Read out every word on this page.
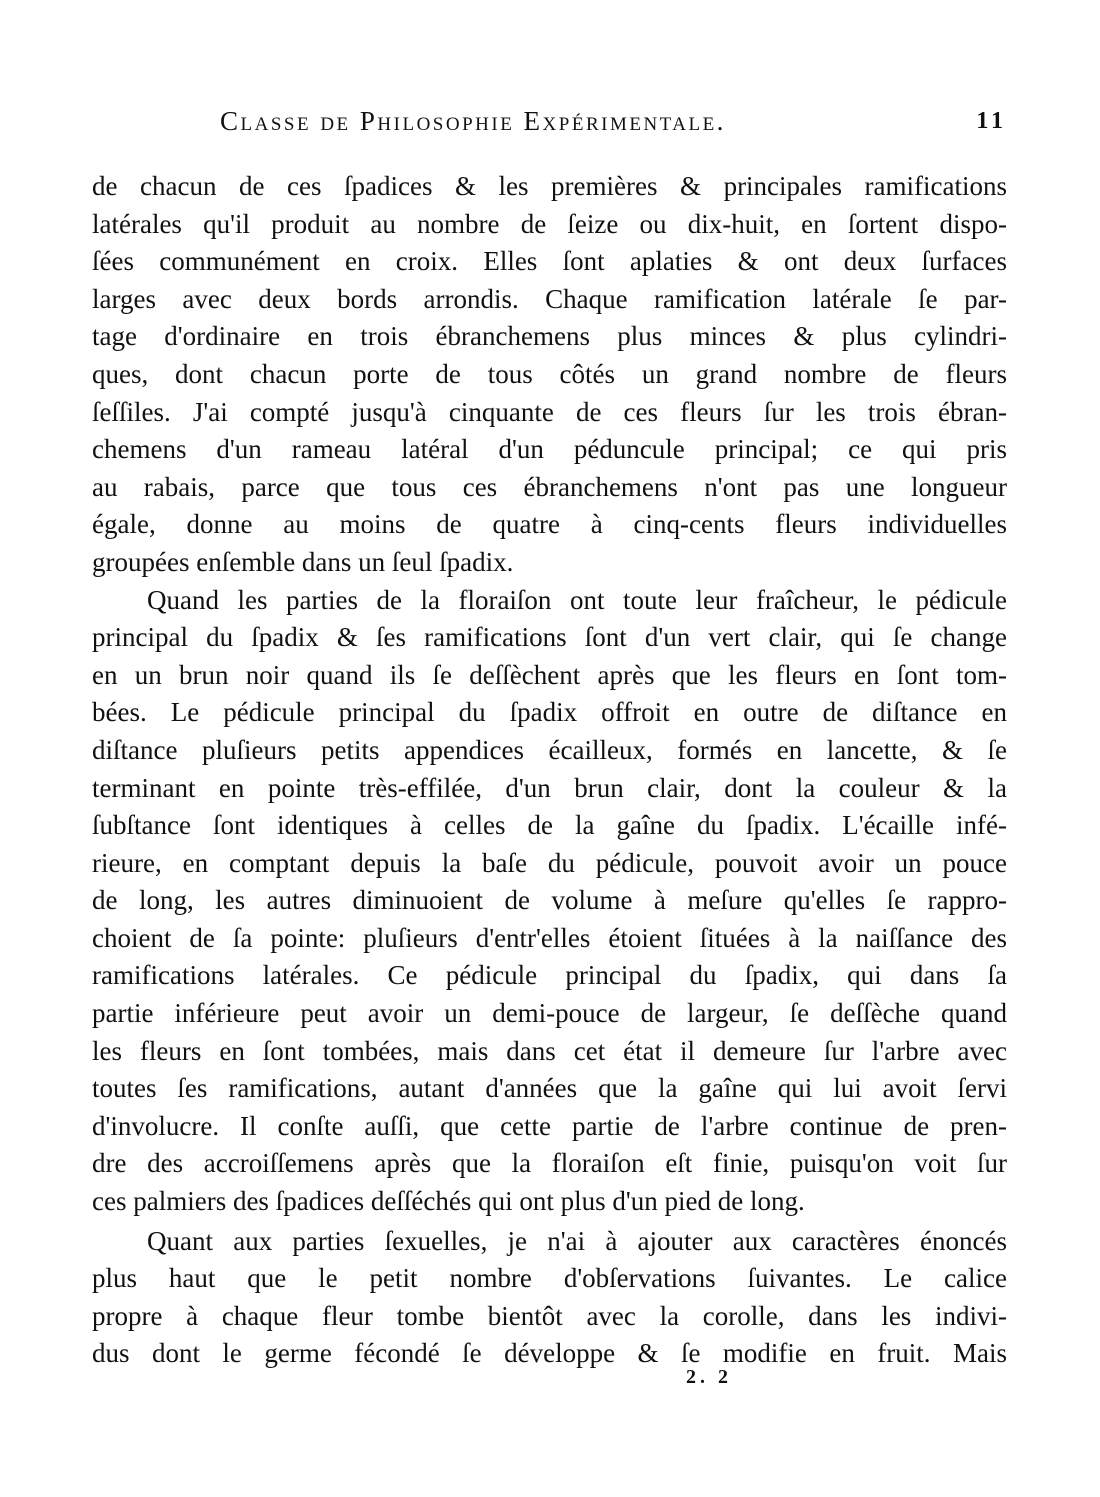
Classe de Philosophie Expérimentale.	11
de chacun de ces ſpadices & les premières & principales ramifications
latérales qu'il produit au nombre de ſeize ou dix-huit, en ſortent dispo-
ſées communément en croix. Elles ſont aplaties & ont deux ſurfaces
larges avec deux bords arrondis. Chaque ramification latérale ſe par-
tage d'ordinaire en trois ébranchemens plus minces & plus cylindri-
ques, dont chacun porte de tous côtés un grand nombre de fleurs
ſeſſiles. J'ai compté jusqu'à cinquante de ces fleurs ſur les trois ébran-
chemens d'un rameau latéral d'un péduncule principal; ce qui pris
au rabais, parce que tous ces ébranchemens n'ont pas une longueur
égale, donne au moins de quatre à cinq-cents fleurs individuelles
groupées enſemble dans un ſeul ſpadix.
Quand les parties de la floraiſon ont toute leur fraîcheur, le pédicule
principal du ſpadix & ſes ramifications ſont d'un vert clair, qui ſe change
en un brun noir quand ils ſe deſſèchent après que les fleurs en ſont tom-
bées. Le pédicule principal du ſpadix offroit en outre de diſtance en
diſtance pluſieurs petits appendices écailleux, formés en lancette, & ſe
terminant en pointe très-effilée, d'un brun clair, dont la couleur & la
ſubſtance ſont identiques à celles de la gaîne du ſpadix. L'écaille infé-
rieure, en comptant depuis la baſe du pédicule, pouvoit avoir un pouce
de long, les autres diminuoient de volume à meſure qu'elles ſe rappro-
choient de ſa pointe: pluſieurs d'entr'elles étoient ſituées à la naiſſance des
ramifications latérales. Ce pédicule principal du ſpadix, qui dans ſa
partie inférieure peut avoir un demi-pouce de largeur, ſe deſſèche quand
les fleurs en ſont tombées, mais dans cet état il demeure ſur l'arbre avec
toutes ſes ramifications, autant d'années que la gaîne qui lui avoit ſervi
d'involucre. Il conſte auſſi, que cette partie de l'arbre continue de pren-
dre des accroiſſemens après que la floraiſon eſt finie, puisqu'on voit ſur
ces palmiers des ſpadices deſſéchés qui ont plus d'un pied de long.
Quant aux parties ſexuelles, je n'ai à ajouter aux caractères énoncés
plus haut que le petit nombre d'obſervations ſuivantes. Le calice
propre à chaque fleur tombe bientôt avec la corolle, dans les indivi-
dus dont le germe fécondé ſe développe & ſe modifie en fruit. Mais
2. 2
